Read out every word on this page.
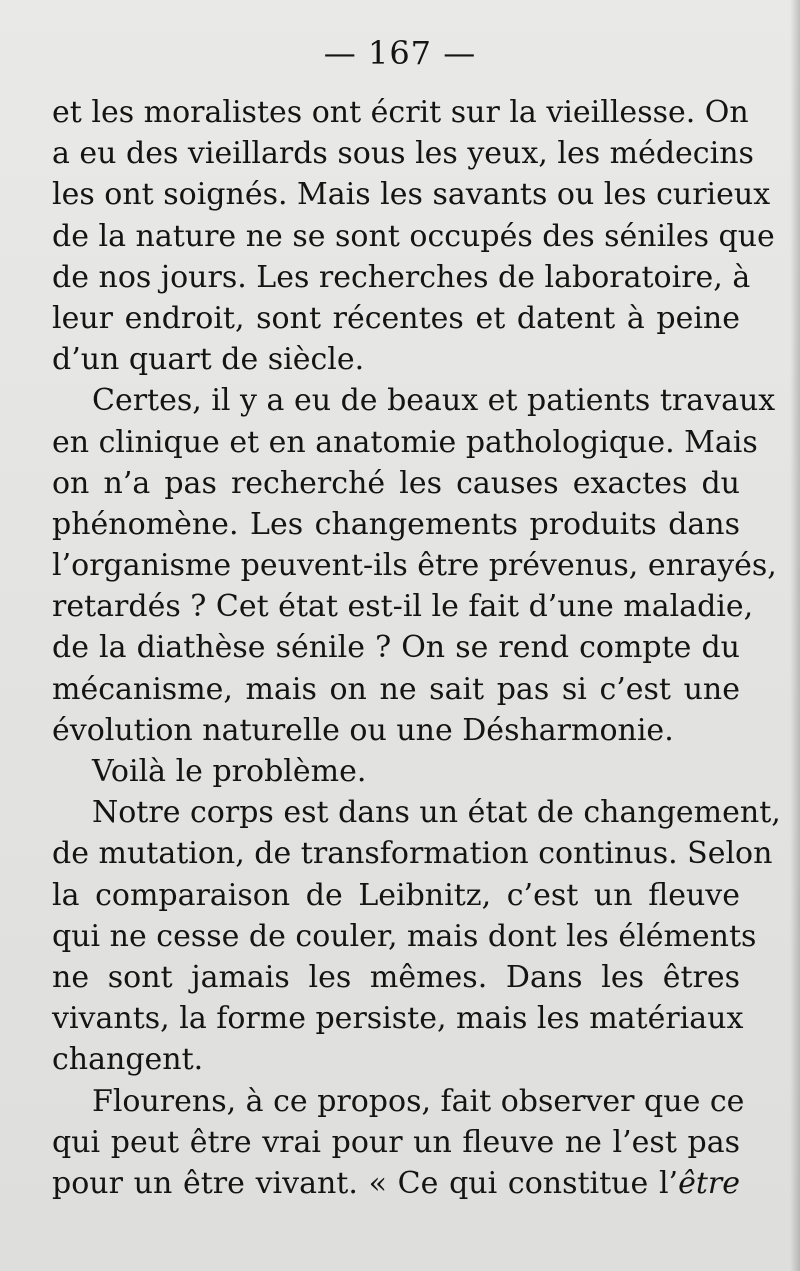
— 167 —
et les moralistes ont écrit sur la vieillesse. On
a eu des vieillards sous les yeux, les médecins
les ont soignés. Mais les savants ou les curieux
de la nature ne se sont occupés des séniles que
de nos jours. Les recherches de laboratoire, à
leur endroit, sont récentes et datent à peine
d’un quart de siècle.
Certes, il y a eu de beaux et patients travaux
en clinique et en anatomie pathologique. Mais
on n’a pas recherché les causes exactes du
phénomène. Les changements produits dans
l’organisme peuvent-ils être prévenus, enrayés,
retardés ? Cet état est-il le fait d’une maladie,
de la diathèse sénile ? On se rend compte du
mécanisme, mais on ne sait pas si c’est une
évolution naturelle ou une Désharmonie.
Voilà le problème.
Notre corps est dans un état de changement,
de mutation, de transformation continus. Selon
la comparaison de Leibnitz, c’est un fleuve
qui ne cesse de couler, mais dont les éléments
ne sont jamais les mêmes. Dans les êtres
vivants, la forme persiste, mais les matériaux
changent.
Flourens, à ce propos, fait observer que ce
qui peut être vrai pour un fleuve ne l’est pas
pour un être vivant. « Ce qui constitue l’être
